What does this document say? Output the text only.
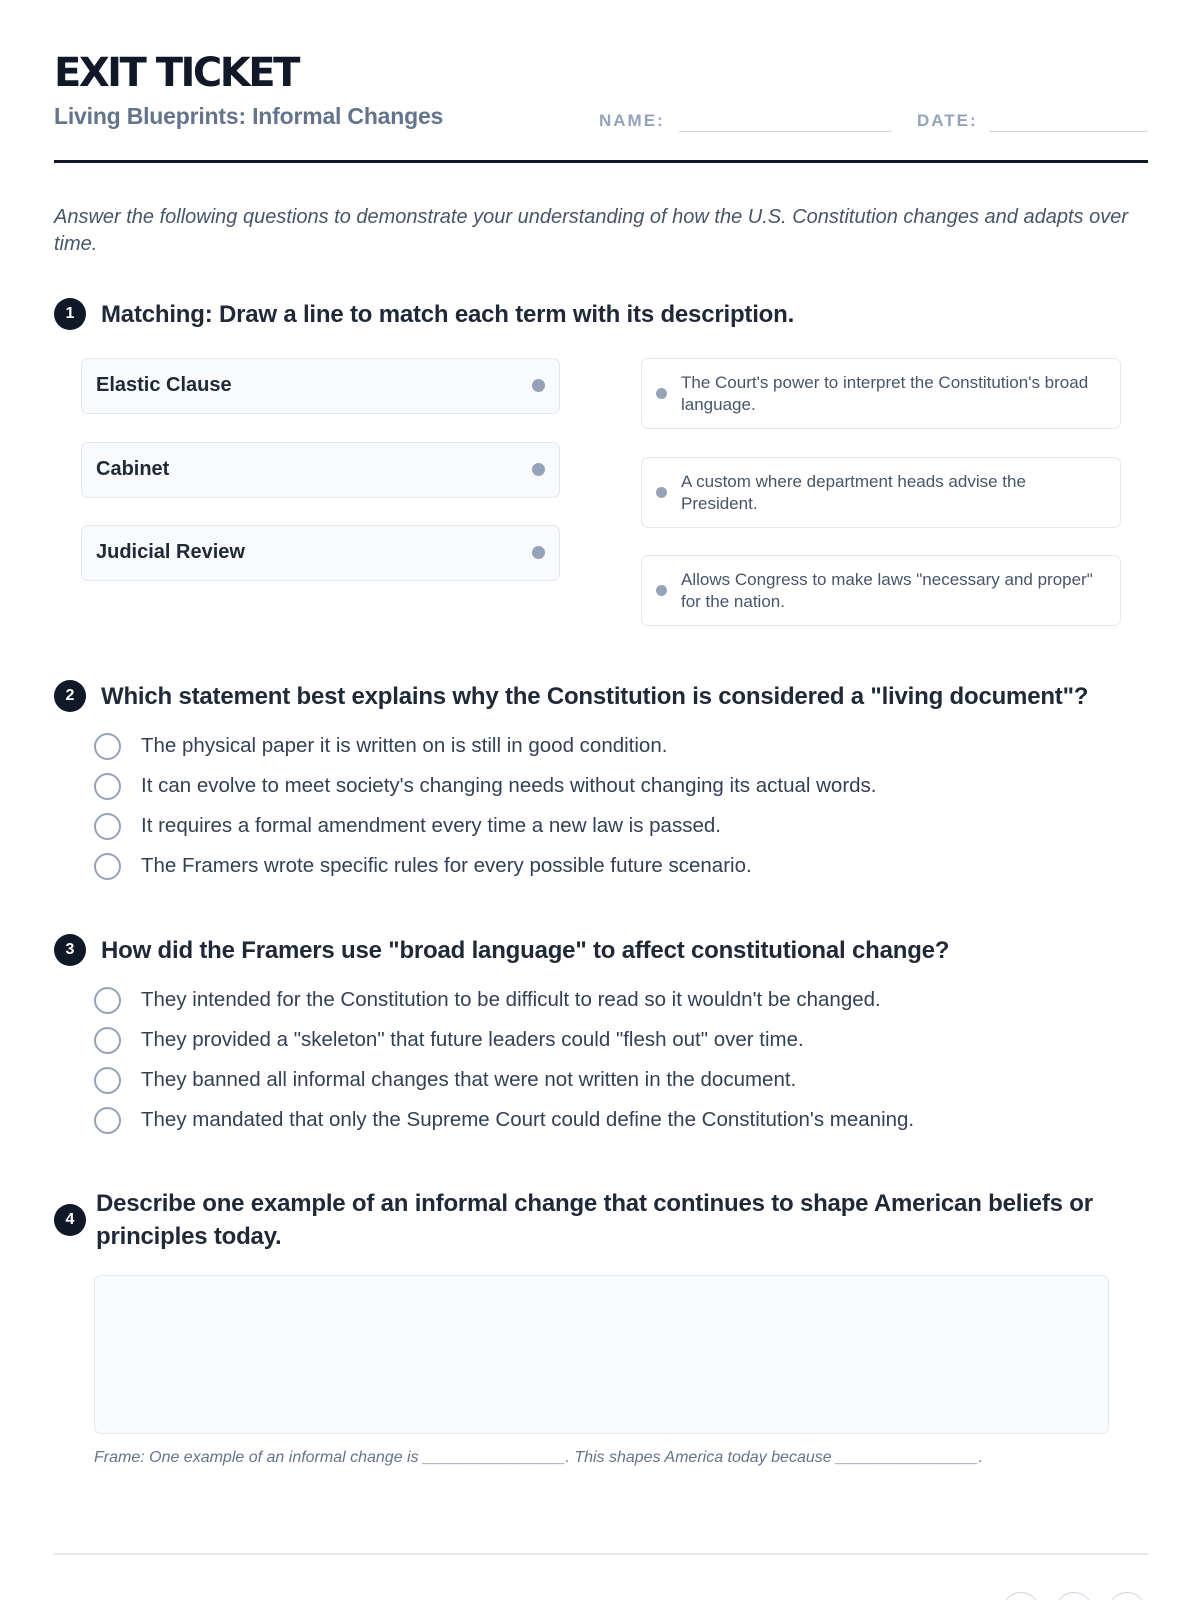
EXIT TICKET
Living Blueprints: Informal Changes	NAME:	DATE:
Answer the following questions to demonstrate your understanding of how the U.S. Constitution changes and adapts over time.
1	Matching: Draw a line to match each term with its description.
Elastic Clause
Cabinet
Judicial Review
The Court's power to interpret the Constitution's broad language.
A custom where department heads advise the President.
Allows Congress to make laws "necessary and proper" for the nation.
2	Which statement best explains why the Constitution is considered a "living document"?
The physical paper it is written on is still in good condition.
It can evolve to meet society's changing needs without changing its actual words.
It requires a formal amendment every time a new law is passed.
The Framers wrote specific rules for every possible future scenario.
3	How did the Framers use "broad language" to affect constitutional change?
They intended for the Constitution to be difficult to read so it wouldn't be changed.
They provided a "skeleton" that future leaders could "flesh out" over time.
They banned all informal changes that were not written in the document.
They mandated that only the Supreme Court could define the Constitution's meaning.
4
Describe one example of an informal change that continues to shape American beliefs or principles today.
Frame: One example of an informal change is ________________. This shapes America today because ________________.
